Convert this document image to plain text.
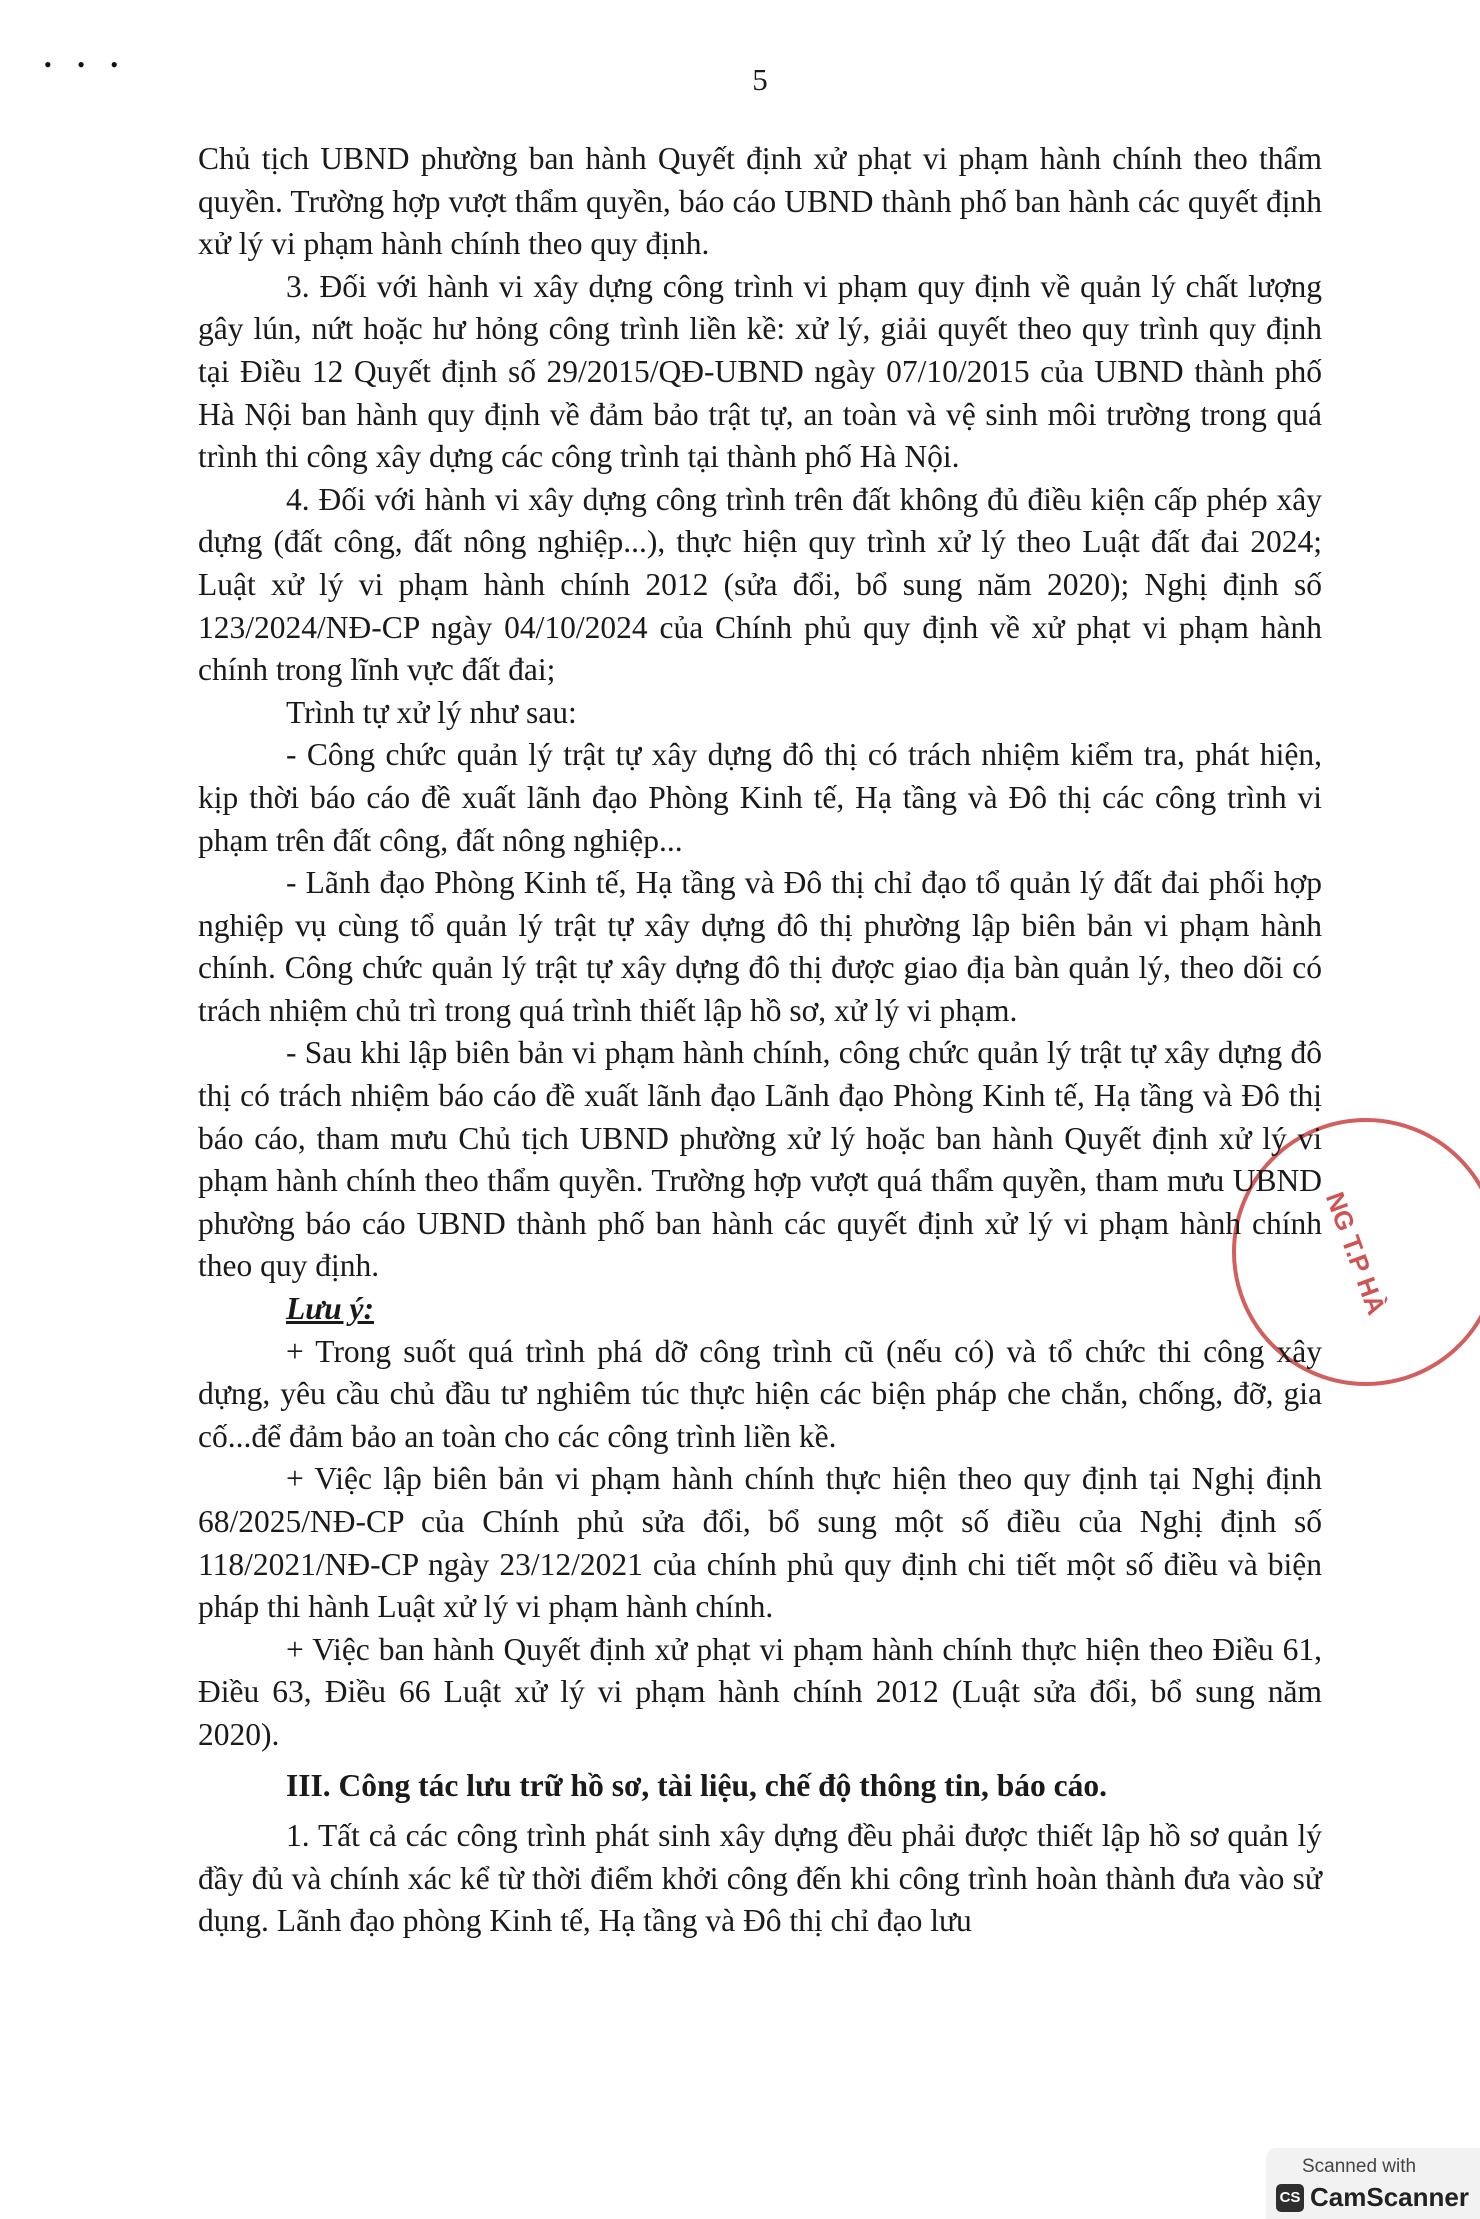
• • •	5
NG T.P HÀ

Chủ tịch UBND phường ban hành Quyết định xử phạt vi phạm hành chính theo thẩm quyền. Trường hợp vượt thẩm quyền, báo cáo UBND thành phố ban hành các quyết định xử lý vi phạm hành chính theo quy định.

3. Đối với hành vi xây dựng công trình vi phạm quy định về quản lý chất lượng gây lún, nứt hoặc hư hỏng công trình liền kề: xử lý, giải quyết theo quy trình quy định tại Điều 12 Quyết định số 29/2015/QĐ-UBND ngày 07/10/2015 của UBND thành phố Hà Nội ban hành quy định về đảm bảo trật tự, an toàn và vệ sinh môi trường trong quá trình thi công xây dựng các công trình tại thành phố Hà Nội.

4. Đối với hành vi xây dựng công trình trên đất không đủ điều kiện cấp phép xây dựng (đất công, đất nông nghiệp...), thực hiện quy trình xử lý theo Luật đất đai 2024; Luật xử lý vi phạm hành chính 2012 (sửa đổi, bổ sung năm 2020); Nghị định số 123/2024/NĐ-CP ngày 04/10/2024 của Chính phủ quy định về xử phạt vi phạm hành chính trong lĩnh vực đất đai;

Trình tự xử lý như sau:

- Công chức quản lý trật tự xây dựng đô thị có trách nhiệm kiểm tra, phát hiện, kịp thời báo cáo đề xuất lãnh đạo Phòng Kinh tế, Hạ tầng và Đô thị các công trình vi phạm trên đất công, đất nông nghiệp...

- Lãnh đạo Phòng Kinh tế, Hạ tầng và Đô thị chỉ đạo tổ quản lý đất đai phối hợp nghiệp vụ cùng tổ quản lý trật tự xây dựng đô thị phường lập biên bản vi phạm hành chính. Công chức quản lý trật tự xây dựng đô thị được giao địa bàn quản lý, theo dõi có trách nhiệm chủ trì trong quá trình thiết lập hồ sơ, xử lý vi phạm.

- Sau khi lập biên bản vi phạm hành chính, công chức quản lý trật tự xây dựng đô thị có trách nhiệm báo cáo đề xuất lãnh đạo Lãnh đạo Phòng Kinh tế, Hạ tầng và Đô thị báo cáo, tham mưu Chủ tịch UBND phường xử lý hoặc ban hành Quyết định xử lý vi phạm hành chính theo thẩm quyền. Trường hợp vượt quá thẩm quyền, tham mưu UBND phường báo cáo UBND thành phố ban hành các quyết định xử lý vi phạm hành chính theo quy định.

Lưu ý:

+ Trong suốt quá trình phá dỡ công trình cũ (nếu có) và tổ chức thi công xây dựng, yêu cầu chủ đầu tư nghiêm túc thực hiện các biện pháp che chắn, chống, đỡ, gia cố...để đảm bảo an toàn cho các công trình liền kề.

+ Việc lập biên bản vi phạm hành chính thực hiện theo quy định tại Nghị định 68/2025/NĐ-CP của Chính phủ sửa đổi, bổ sung một số điều của Nghị định số 118/2021/NĐ-CP ngày 23/12/2021 của chính phủ quy định chi tiết một số điều và biện pháp thi hành Luật xử lý vi phạm hành chính.

+ Việc ban hành Quyết định xử phạt vi phạm hành chính thực hiện theo Điều 61, Điều 63, Điều 66 Luật xử lý vi phạm hành chính 2012 (Luật sửa đổi, bổ sung năm 2020).

III. Công tác lưu trữ hồ sơ, tài liệu, chế độ thông tin, báo cáo.

1. Tất cả các công trình phát sinh xây dựng đều phải được thiết lập hồ sơ quản lý đầy đủ và chính xác kể từ thời điểm khởi công đến khi công trình hoàn thành đưa vào sử dụng. Lãnh đạo phòng Kinh tế, Hạ tầng và Đô thị chỉ đạo lưu

Scanned with
CS CamScanner
